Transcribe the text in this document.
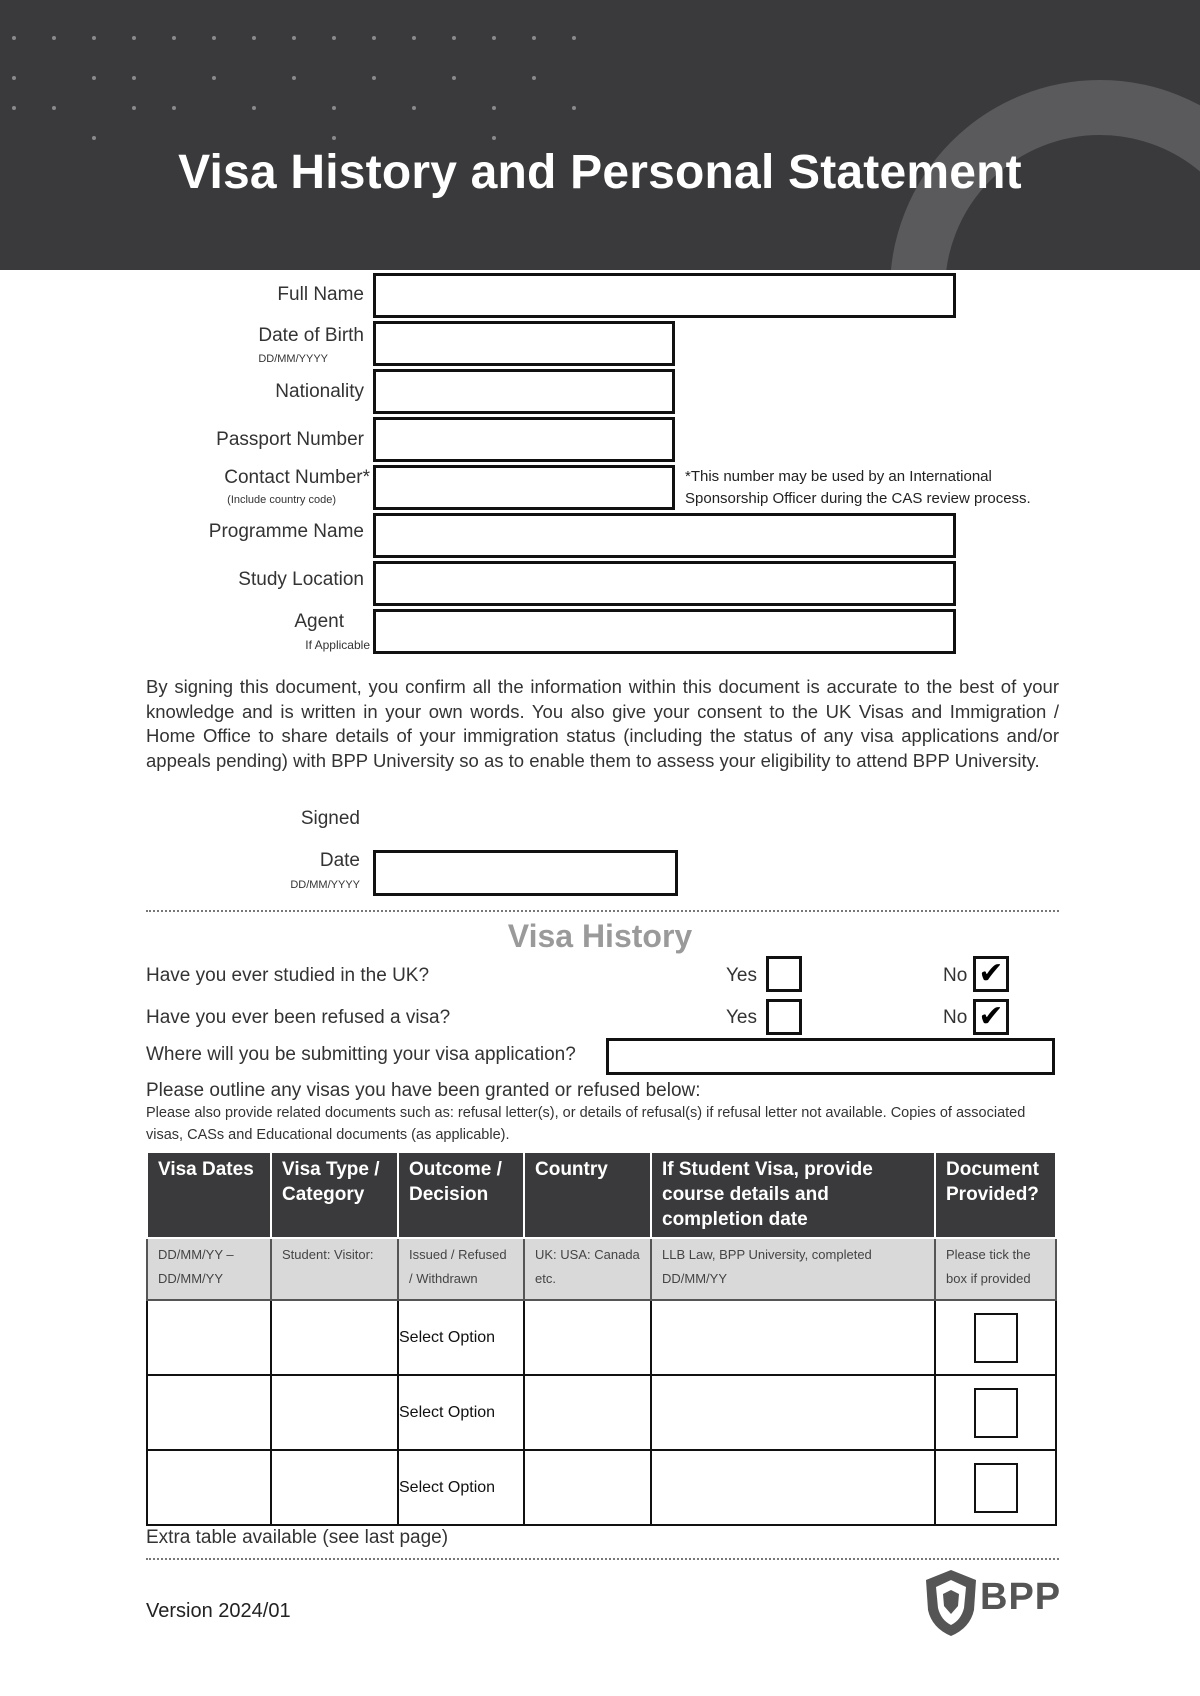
Visa History and Personal Statement
Full Name
Date of Birth
DD/MM/YYYY
Nationality
Passport Number
Contact Number*
(Include country code)
*This number may be used by an International
Sponsorship Officer during the CAS review process.
Programme Name
Study Location
Agent
If Applicable
By signing this document, you confirm all the information within this document is accurate to the best of your knowledge and is written in your own words. You also give your consent to the UK Visas and Immigration / Home Office to share details of your immigration status (including the status of any visa applications and/or appeals pending) with BPP University so as to enable them to assess your eligibility to attend BPP University.
Signed
Date
DD/MM/YYYY
Visa History
Have you ever studied in the UK?	Yes	No ✔
Have you ever been refused a visa?	Yes	No ✔
Where will you be submitting your visa application?
Please outline any visas you have been granted or refused below:
Please also provide related documents such as: refusal letter(s), or details of refusal(s) if refusal letter not available. Copies of associated visas, CASs and Educational documents (as applicable).
Visa Dates	Visa Type / Category	Outcome / Decision	Country	If Student Visa, provide course details and completion date	Document Provided?
DD/MM/YY – DD/MM/YY	Student: Visitor:	Issued / Refused / Withdrawn	UK: USA: Canada etc.	LLB Law, BPP University, completed DD/MM/YY	Please tick the box if provided
		Select Option			

		Select Option			

		Select Option			
Extra table available (see last page)
Version 2024/01	BPP
